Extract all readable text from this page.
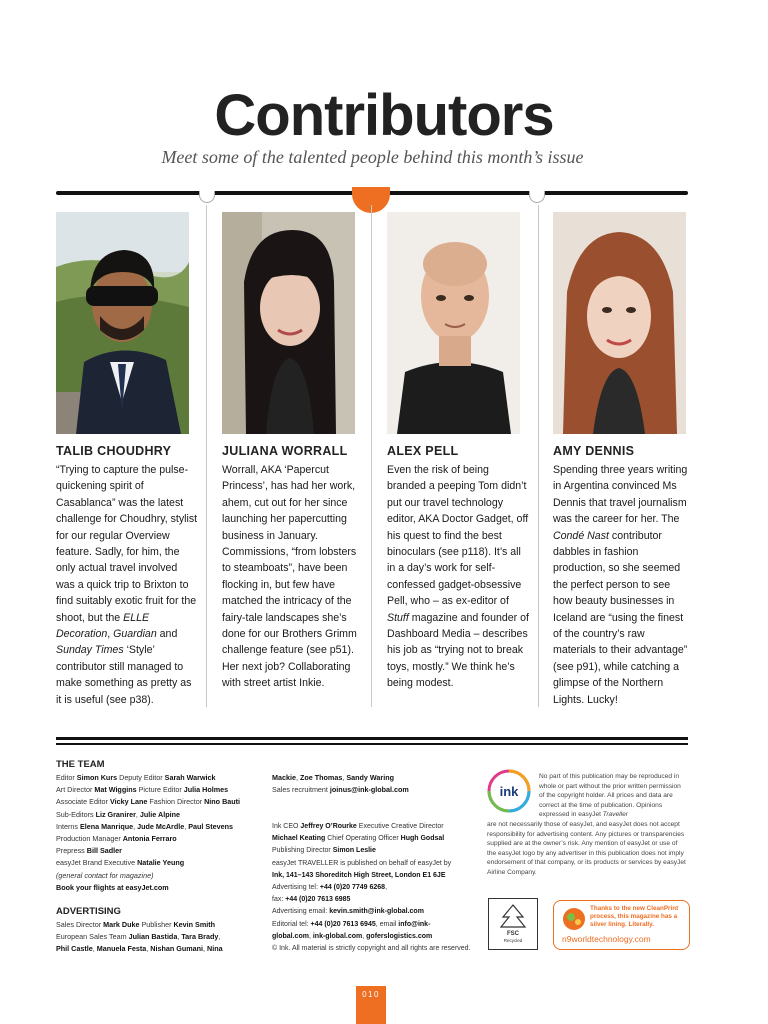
Contributors
Meet some of the talented people behind this month’s issue
TALIB CHOUDHRY
“Trying to capture the pulse-quickening spirit of Casablanca” was the latest challenge for Choudhry, stylist for our regular Overview feature. Sadly, for him, the only actual travel involved was a quick trip to Brixton to find suitably exotic fruit for the shoot, but the ELLE Decoration, Guardian and Sunday Times ‘Style’ contributor still managed to make something as pretty as it is useful (see p38).
JULIANA WORRALL
Worrall, AKA ‘Papercut Princess’, has had her work, ahem, cut out for her since launching her papercutting business in January. Commissions, “from lobsters to steamboats”, have been flocking in, but few have matched the intricacy of the fairy-tale landscapes she’s done for our Brothers Grimm challenge feature (see p51). Her next job? Collaborating with street artist Inkie.
ALEX PELL
Even the risk of being branded a peeping Tom didn’t put our travel technology editor, AKA Doctor Gadget, off his quest to find the best binoculars (see p118). It’s all in a day’s work for self-confessed gadget-obsessive Pell, who – as ex-editor of Stuff magazine and founder of Dashboard Media – describes his job as “trying not to break toys, mostly.” We think he’s being modest.
AMY DENNIS
Spending three years writing in Argentina convinced Ms Dennis that travel journalism was the career for her. The Condé Nast contributor dabbles in fashion production, so she seemed the perfect person to see how beauty businesses in Iceland are “using the finest of the country’s raw materials to their advantage” (see p91), while catching a glimpse of the Northern Lights. Lucky!
THE TEAM
Editor Simon Kurs Deputy Editor Sarah Warwick
Art Director Mat Wiggins Picture Editor Julia Holmes
Associate Editor Vicky Lane Fashion Director Nino Bauti
Sub-Editors Liz Granirer, Julie Alpine
Interns Elena Manrique, Jude McArdle, Paul Stevens
Production Manager Antonia Ferraro
Prepress Bill Sadler
easyJet Brand Executive Natalie Yeung
(general contact for magazine)
Book your flights at easyJet.com
ADVERTISING
Sales Director Mark Duke Publisher Kevin Smith
European Sales Team Julian Bastida, Tara Brady,
Phil Castle, Manuela Festa, Nishan Gumani, Nina
Mackie, Zoe Thomas, Sandy Waring
Sales recruitment joinus@ink-global.com
Ink CEO Jeffrey O’Rourke Executive Creative Director
Michael Keating Chief Operating Officer Hugh Godsal
Publishing Director Simon Leslie
easyJet TRAVELLER is published on behalf of easyJet by
Ink, 141–143 Shoreditch High Street, London E1 6JE
Advertising tel: +44 (0)20 7749 6268,
fax: +44 (0)20 7613 6985
Advertising email: kevin.smith@ink-global.com
Editorial tel: +44 (0)20 7613 6945, email info@ink-
global.com, ink-global.com, gofersl​ogistics.com
© Ink. All material is strictly copyright and all rights are reserved.
ink
No part of this publication may be reproduced in whole or part without the prior written permission of the copyright holder. All prices and data are correct at the time of publication. Opinions expressed in easyJet Traveller
are not necessarily those of easyJet, and easyJet does not accept responsibility for advertising content. Any pictures or transparencies supplied are at the owner’s risk. Any mention of easyJet or use of the easyJet logo by any advertiser in this publication does not imply endorsement of that company, or its products or services by easyJet Airline Company.
FSC
Recycled
Thanks to the new CleanPrint process, this magazine has a silver lining. Literally.
n9worldtechnology.com
010
